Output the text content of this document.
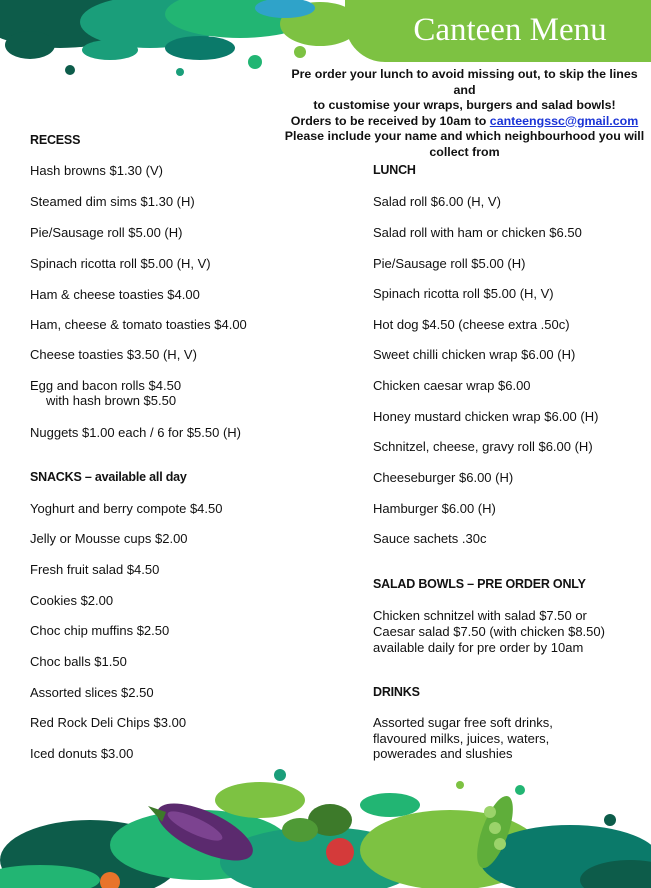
Canteen Menu
Pre order your lunch to avoid missing out, to skip the lines and
to customise your wraps, burgers and salad bowls!
Orders to be received by 10am to canteengssc@gmail.com
Please include your name and which neighbourhood you will
collect from
RECESS
Hash browns $1.30 (V)
Steamed dim sims $1.30 (H)
Pie/Sausage roll $5.00 (H)
Spinach ricotta roll $5.00 (H, V)
Ham & cheese toasties $4.00
Ham, cheese & tomato toasties $4.00
Cheese toasties $3.50 (H, V)
Egg and bacon rolls $4.50
with hash brown $5.50
Nuggets $1.00 each / 6 for $5.50 (H)
SNACKS – available all day
Yoghurt and berry compote $4.50
Jelly or Mousse cups $2.00
Fresh fruit salad $4.50
Cookies $2.00
Choc chip muffins $2.50
Choc balls $1.50
Assorted slices $2.50
Red Rock Deli Chips $3.00
Iced donuts $3.00
LUNCH
Salad roll $6.00 (H, V)
Salad roll with ham or chicken $6.50
Pie/Sausage roll $5.00 (H)
Spinach ricotta roll $5.00 (H, V)
Hot dog $4.50 (cheese extra .50c)
Sweet chilli chicken wrap $6.00 (H)
Chicken caesar wrap $6.00
Honey mustard chicken wrap $6.00 (H)
Schnitzel, cheese, gravy roll $6.00 (H)
Cheeseburger $6.00 (H)
Hamburger $6.00 (H)
Sauce sachets .30c
SALAD BOWLS – PRE ORDER ONLY
Chicken schnitzel with salad $7.50 or
Caesar salad $7.50 (with chicken $8.50)
available daily for pre order by 10am
DRINKS
Assorted sugar free soft drinks,
flavoured milks, juices, waters,
powerades and slushies
